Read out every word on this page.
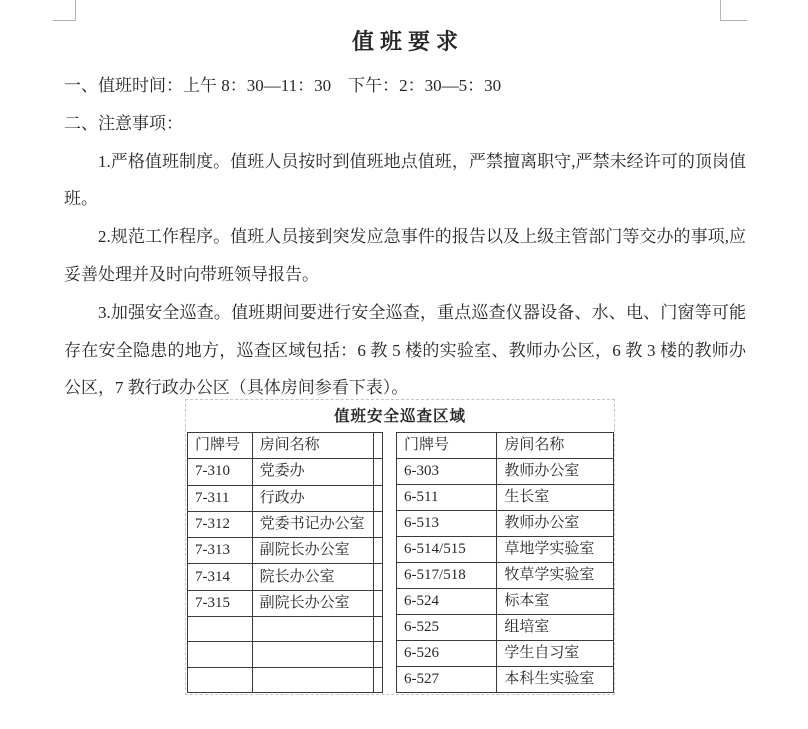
值班要求

一、值班时间：上午 8：30—11：30　下午：2：30—5：30

二、注意事项：

1.严格值班制度。值班人员按时到值班地点值班，严禁擅离职守,严禁未经许可的顶岗值班。

2.规范工作程序。值班人员接到突发应急事件的报告以及上级主管部门等交办的事项,应妥善处理并及时向带班领导报告。

3.加强安全巡查。值班期间要进行安全巡查，重点巡查仪器设备、水、电、门窗等可能存在安全隐患的地方，巡查区域包括：6 教 5 楼的实验室、教师办公区，6 教 3 楼的教师办公区，7 教行政办公区（具体房间参看下表）。

值班安全巡查区域
门牌号	房间名称	
7-310	党委办	
7-311	行政办	
7-312	党委书记办公室	
7-313	副院长办公室	
7-314	院长办公室	
7-315	副院长办公室	

门牌号	房间名称
6-303	教师办公室
6-511	生长室
6-513	教师办公室
6-514/515	草地学实验室
6-517/518	牧草学实验室
6-524	标本室
6-525	组培室
6-526	学生自习室
6-527	本科生实验室
